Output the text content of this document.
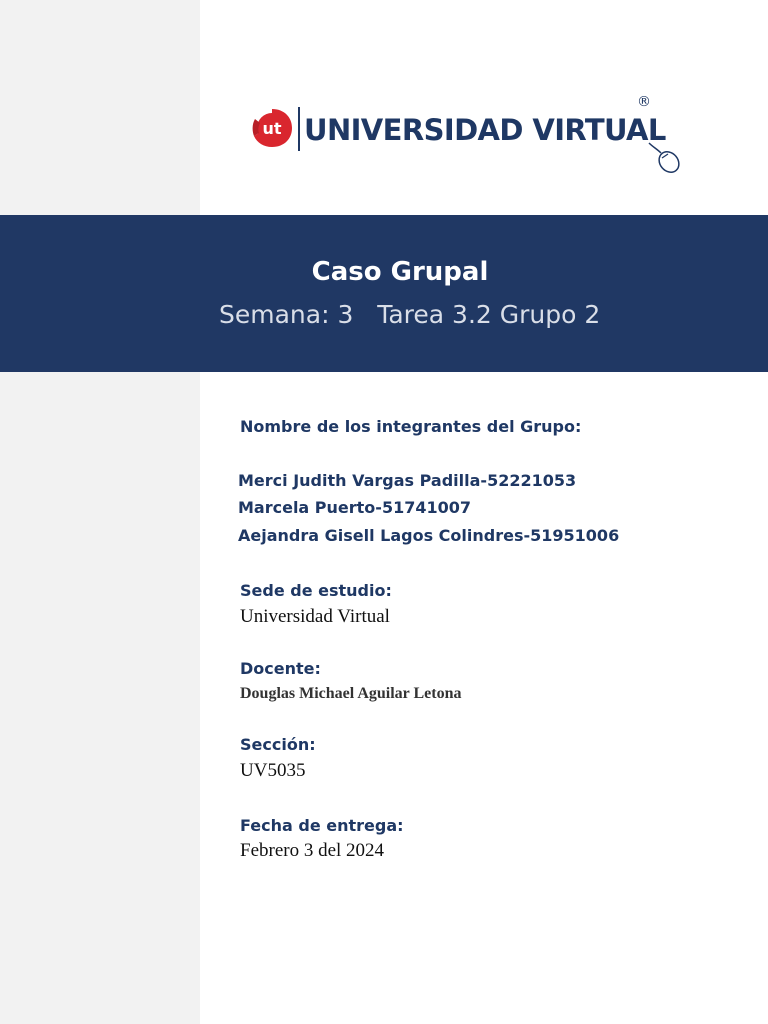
ut UNIVERSIDAD VIRTUAL
®
Caso Grupal
Semana: 3   Tarea 3.2 Grupo 2
Nombre de los integrantes del Grupo:
Merci Judith Vargas Padilla-52221053
Marcela Puerto-51741007
Aejandra Gisell Lagos Colindres-51951006
Sede de estudio:
Universidad Virtual
Docente:
Douglas Michael Aguilar Letona
Sección:
UV5035
Fecha de entrega:
Febrero 3 del 2024
